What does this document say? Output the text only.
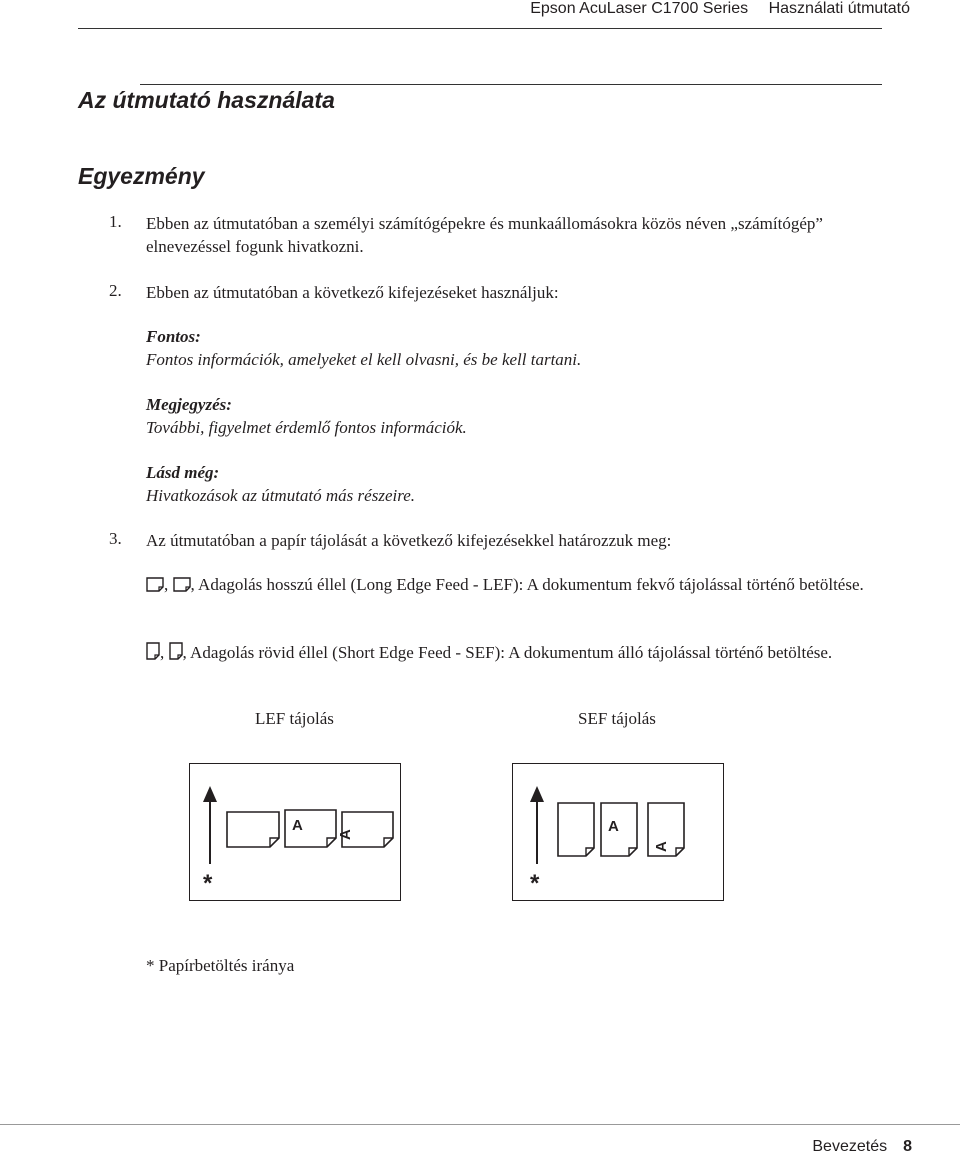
Epson AcuLaser C1700 Series Használati útmutató
Az útmutató használata
Egyezmény
1. Ebben az útmutatóban a személyi számítógépekre és munkaállomásokra közös néven „számítógép” elnevezéssel fogunk hivatkozni.
2. Ebben az útmutatóban a következő kifejezéseket használjuk:
Fontos:
Fontos információk, amelyeket el kell olvasni, és be kell tartani.
Megjegyzés:
További, figyelmet érdemlő fontos információk.
Lásd még:
Hivatkozások az útmutató más részeire.
3. Az útmutatóban a papír tájolását a következő kifejezésekkel határozzuk meg:
, , Adagolás hosszú éllel (Long Edge Feed - LEF): A dokumentum fekvő tájolással történő betöltése.
, , Adagolás rövid éllel (Short Edge Feed - SEF): A dokumentum álló tájolással történő betöltése.
LEF tájolás	SEF tájolás
A
A
*
A
A
*
* Papírbetöltés iránya
Bevezetés 8
